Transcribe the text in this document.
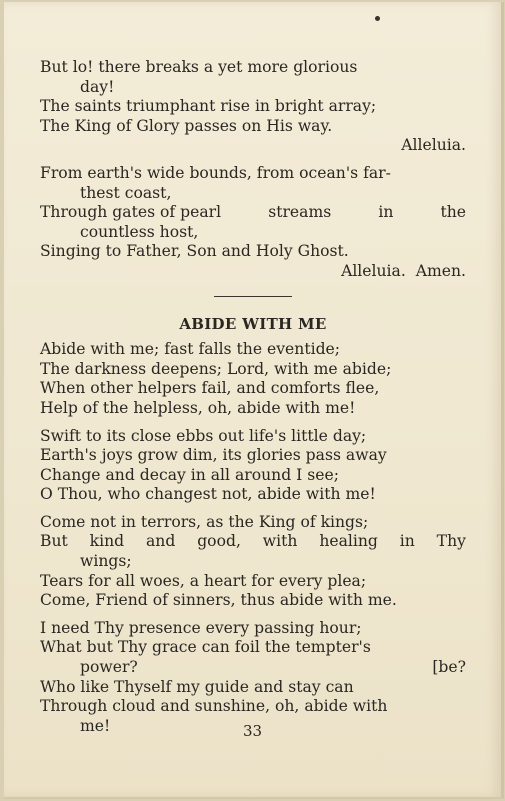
But lo! there breaks a yet more glorious
day!
The saints triumphant rise in bright array;
The King of Glory passes on His way.
Alleluia.
From earth's wide bounds, from ocean's far-
thest coast,
Through gates of pearl	streams	in	the
countless host,
Singing to Father, Son and Holy Ghost.
Alleluia.  Amen.
ABIDE WITH ME
Abide with me; fast falls the eventide;
The darkness deepens; Lord, with me abide;
When other helpers fail, and comforts flee,
Help of the helpless, oh, abide with me!
Swift to its close ebbs out life's little day;
Earth's joys grow dim, its glories pass away
Change and decay in all around I see;
O Thou, who changest not, abide with me!
Come not in terrors, as the King of kings;
But kind and good, with healing in Thy
wings;
Tears for all woes, a heart for every plea;
Come, Friend of sinners, thus abide with me.
I need Thy presence every passing hour;
What but Thy grace can foil the tempter's
power?	[be?
Who like Thyself my guide and stay can
Through cloud and sunshine, oh, abide with
me!	33
